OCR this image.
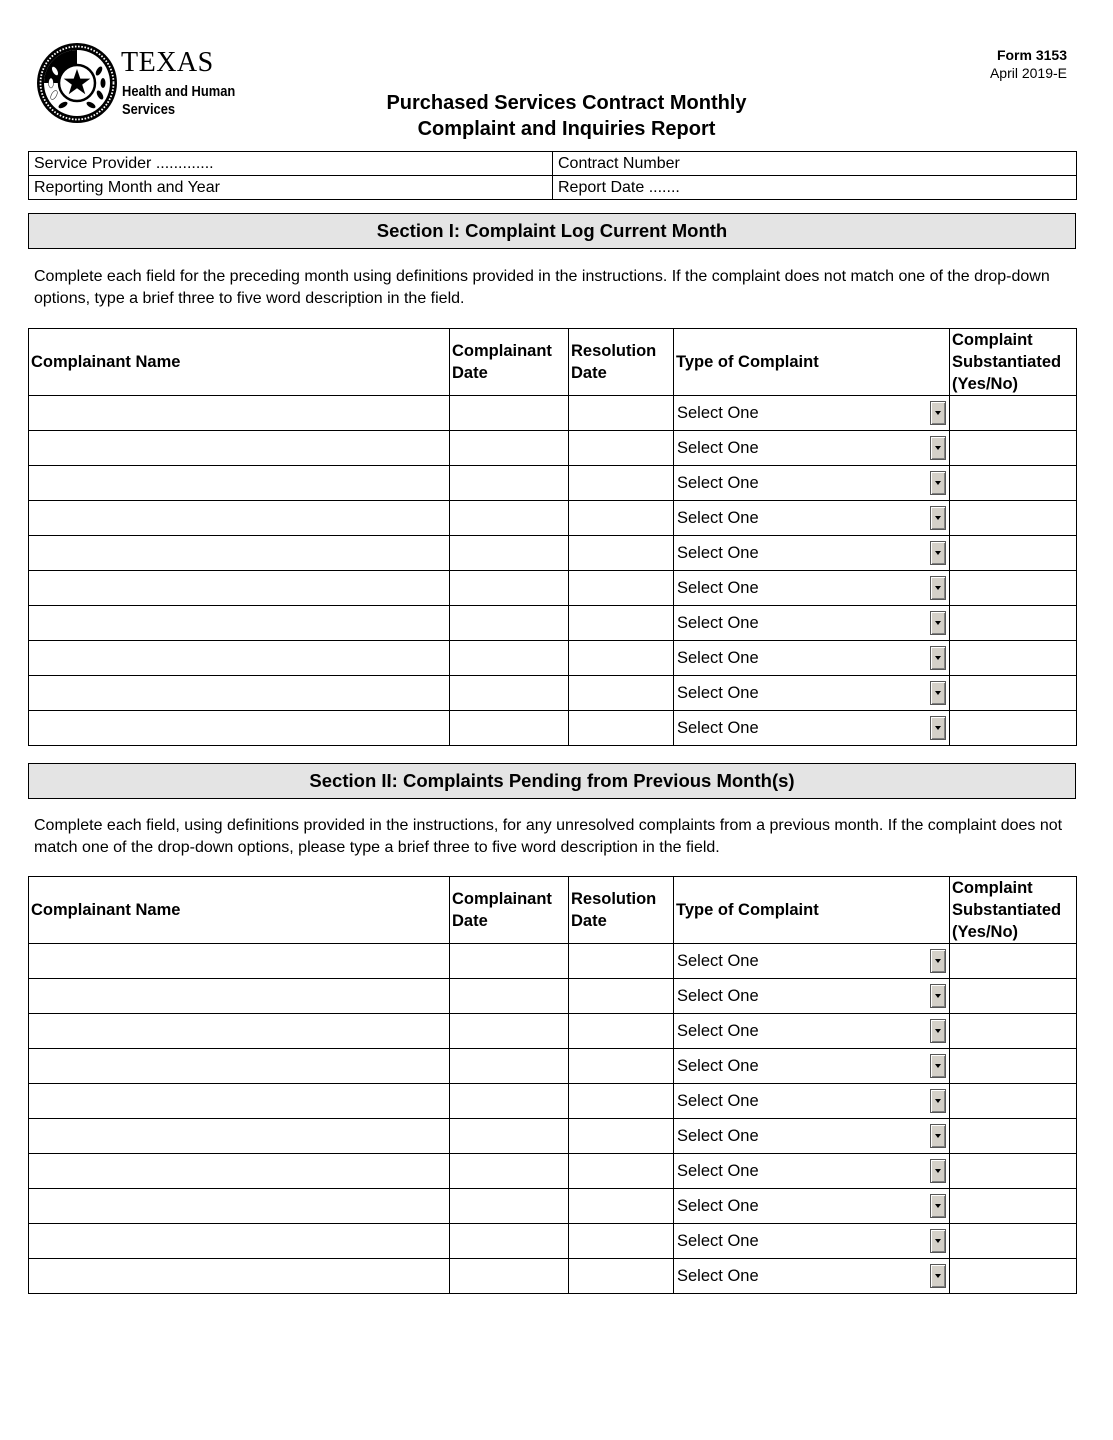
TEXAS
Health and Human
Services
Form 3153
April 2019-E
Purchased Services Contract Monthly
Complaint and Inquiries Report
Service Provider .............	Contract Number
Reporting Month and Year	Report Date .......
Section I: Complaint Log Current Month
Complete each field for the preceding month using definitions provided in the instructions. If the complaint does not match one of the drop-down options, type a brief three to five word description in the field.
Complainant Name	Complainant Date	Resolution Date	Type of Complaint	Complaint Substantiated (Yes/No)

			Select One	

			Select One	

			Select One	

			Select One	

			Select One	

			Select One	

			Select One	

			Select One	

			Select One	

			Select One	

Section II: Complaints Pending from Previous Month(s)
Complete each field, using definitions provided in the instructions, for any unresolved complaints from a previous month. If the complaint does not match one of the drop-down options, please type a brief three to five word description in the field.
Complainant Name	Complainant Date	Resolution Date	Type of Complaint	Complaint Substantiated (Yes/No)

			Select One	

			Select One	

			Select One	

			Select One	

			Select One	

			Select One	

			Select One	

			Select One	

			Select One	

			Select One	
